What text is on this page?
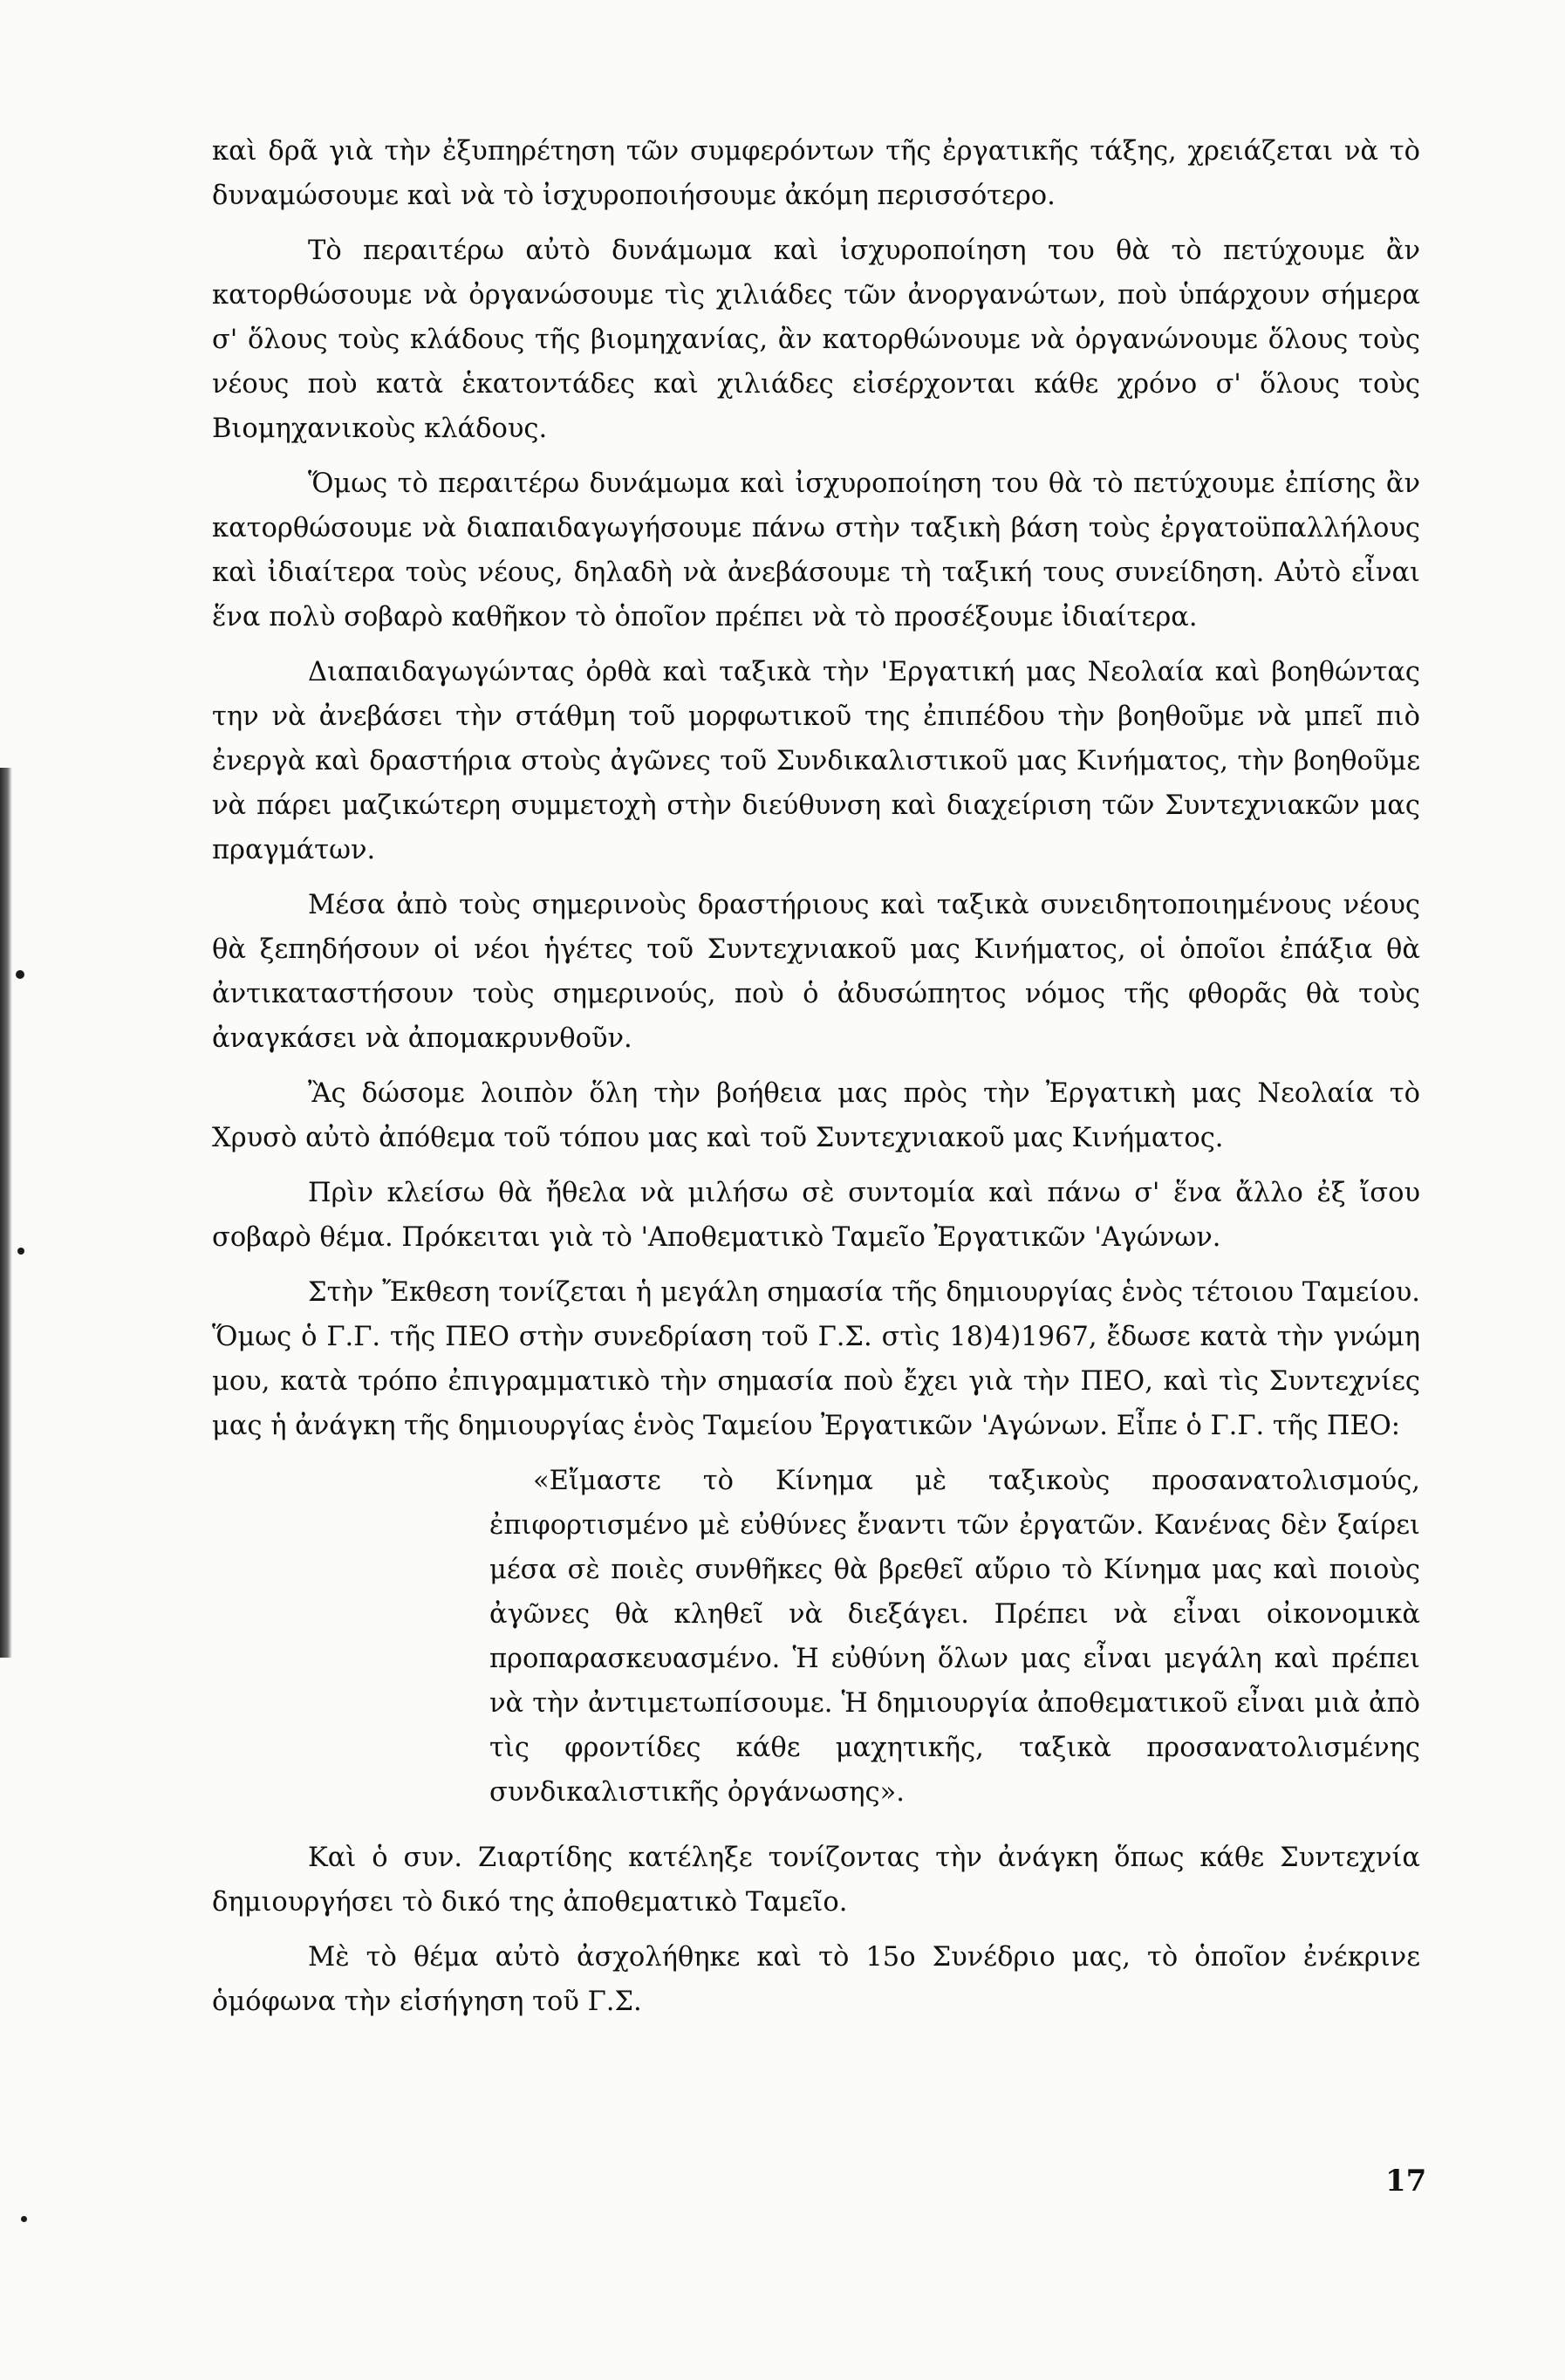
καὶ δρᾶ γιὰ τὴν ἐξυπηρέτηση τῶν συμφερόντων τῆς ἐργατικῆς τάξης, χρειάζεται νὰ τὸ δυναμώσουμε καὶ νὰ τὸ ἰσχυροποιήσουμε ἀκόμη περισσότερο.

Τὸ περαιτέρω αὐτὸ δυνάμωμα καὶ ἰσχυροποίηση του θὰ τὸ πετύχουμε ἂν κατορθώσουμε νὰ ὀργανώσουμε τὶς χιλιάδες τῶν ἀνοργανώτων, ποὺ ὑπάρχουν σήμερα σ' ὅλους τοὺς κλάδους τῆς βιομηχανίας, ἂν κατορθώνουμε νὰ ὀργανώνουμε ὅλους τοὺς νέους ποὺ κατὰ ἑκατοντάδες καὶ χιλιάδες εἰσέρχονται κάθε χρόνο σ' ὅλους τοὺς Βιομηχανικοὺς κλάδους.

Ὅμως τὸ περαιτέρω δυνάμωμα καὶ ἰσχυροποίηση του θὰ τὸ πετύχουμε ἐπίσης ἂν κατορθώσουμε νὰ διαπαιδαγωγήσουμε πάνω στὴν ταξικὴ βάση τοὺς ἐργατοϋπαλλήλους καὶ ἰδιαίτερα τοὺς νέους, δηλαδὴ νὰ ἀνεβάσουμε τὴ ταξική τους συνείδηση. Αὐτὸ εἶναι ἕνα πολὺ σοβαρὸ καθῆκον τὸ ὁποῖον πρέπει νὰ τὸ προσέξουμε ἰδιαίτερα.

Διαπαιδαγωγώντας ὀρθὰ καὶ ταξικὰ τὴν 'Εργατική μας Νεολαία καὶ βοηθώντας την νὰ ἀνεβάσει τὴν στάθμη τοῦ μορφωτικοῦ της ἐπιπέδου τὴν βοηθοῦμε νὰ μπεῖ πιὸ ἐνεργὰ καὶ δραστήρια στοὺς ἀγῶνες τοῦ Συνδικαλιστικοῦ μας Κινήματος, τὴν βοηθοῦμε νὰ πάρει μαζικώτερη συμμετοχὴ στὴν διεύθυνση καὶ διαχείριση τῶν Συντεχνιακῶν μας πραγμάτων.

Μέσα ἀπὸ τοὺς σημερινοὺς δραστήριους καὶ ταξικὰ συνειδητοποιημένους νέους θὰ ξεπηδήσουν οἱ νέοι ἡγέτες τοῦ Συντεχνιακοῦ μας Κινήματος, οἱ ὁποῖοι ἐπάξια θὰ ἀντικαταστήσουν τοὺς σημερινούς, ποὺ ὁ ἀδυσώπητος νόμος τῆς φθορᾶς θὰ τοὺς ἀναγκάσει νὰ ἀπομακρυνθοῦν.

Ἂς δώσομε λοιπὸν ὅλη τὴν βοήθεια μας πρὸς τὴν Ἐργατικὴ μας Νεολαία τὸ Χρυσὸ αὐτὸ ἀπόθεμα τοῦ τόπου μας καὶ τοῦ Συντεχνιακοῦ μας Κινήματος.

Πρὶν κλείσω θὰ ἤθελα νὰ μιλήσω σὲ συντομία καὶ πάνω σ' ἕνα ἄλλο ἐξ ἴσου σοβαρὸ θέμα. Πρόκειται γιὰ τὸ 'Αποθεματικὸ Ταμεῖο Ἐργατικῶν 'Αγώνων.

Στὴν Ἔκθεση τονίζεται ἡ μεγάλη σημασία τῆς δημιουργίας ἑνὸς τέτοιου Ταμείου. Ὅμως ὁ Γ.Γ. τῆς ΠΕΟ στὴν συνεδρίαση τοῦ Γ.Σ. στὶς 18)4)1967, ἔδωσε κατὰ τὴν γνώμη μου, κατὰ τρόπο ἐπιγραμματικὸ τὴν σημασία ποὺ ἔχει γιὰ τὴν ΠΕΟ, καὶ τὶς Συντεχνίες μας ἡ ἀνάγκη τῆς δημιουργίας ἑνὸς Ταμείου Ἐργατικῶν 'Αγώνων. Εἶπε ὁ Γ.Γ. τῆς ΠΕΟ:

«Εἴμαστε τὸ Κίνημα μὲ ταξικοὺς προσανατολισμούς, ἐπιφορτισμένο μὲ εὐθύνες ἔναντι τῶν ἐργατῶν. Κανένας δὲν ξαίρει μέσα σὲ ποιὲς συνθῆκες θὰ βρεθεῖ αὔριο τὸ Κίνημα μας καὶ ποιοὺς ἀγῶνες θὰ κληθεῖ νὰ διεξάγει. Πρέπει νὰ εἶναι οἰκονομικὰ προπαρασκευασμένο. Ἡ εὐθύνη ὅλων μας εἶναι μεγάλη καὶ πρέπει νὰ τὴν ἀντιμετωπίσουμε. Ἡ δημιουργία ἀποθεματικοῦ εἶναι μιὰ ἀπὸ τὶς φροντίδες κάθε μαχητικῆς, ταξικὰ προσανατολισμένης συνδικαλιστικῆς ὀργάνωσης».

Καὶ ὁ συν. Ζιαρτίδης κατέληξε τονίζοντας τὴν ἀνάγκη ὅπως κάθε Συντεχνία δημιουργήσει τὸ δικό της ἀποθεματικὸ Ταμεῖο.

Μὲ τὸ θέμα αὐτὸ ἀσχολήθηκε καὶ τὸ 15ο Συνέδριο μας, τὸ ὁποῖον ἐνέκρινε ὁμόφωνα τὴν εἰσήγηση τοῦ Γ.Σ.

17
